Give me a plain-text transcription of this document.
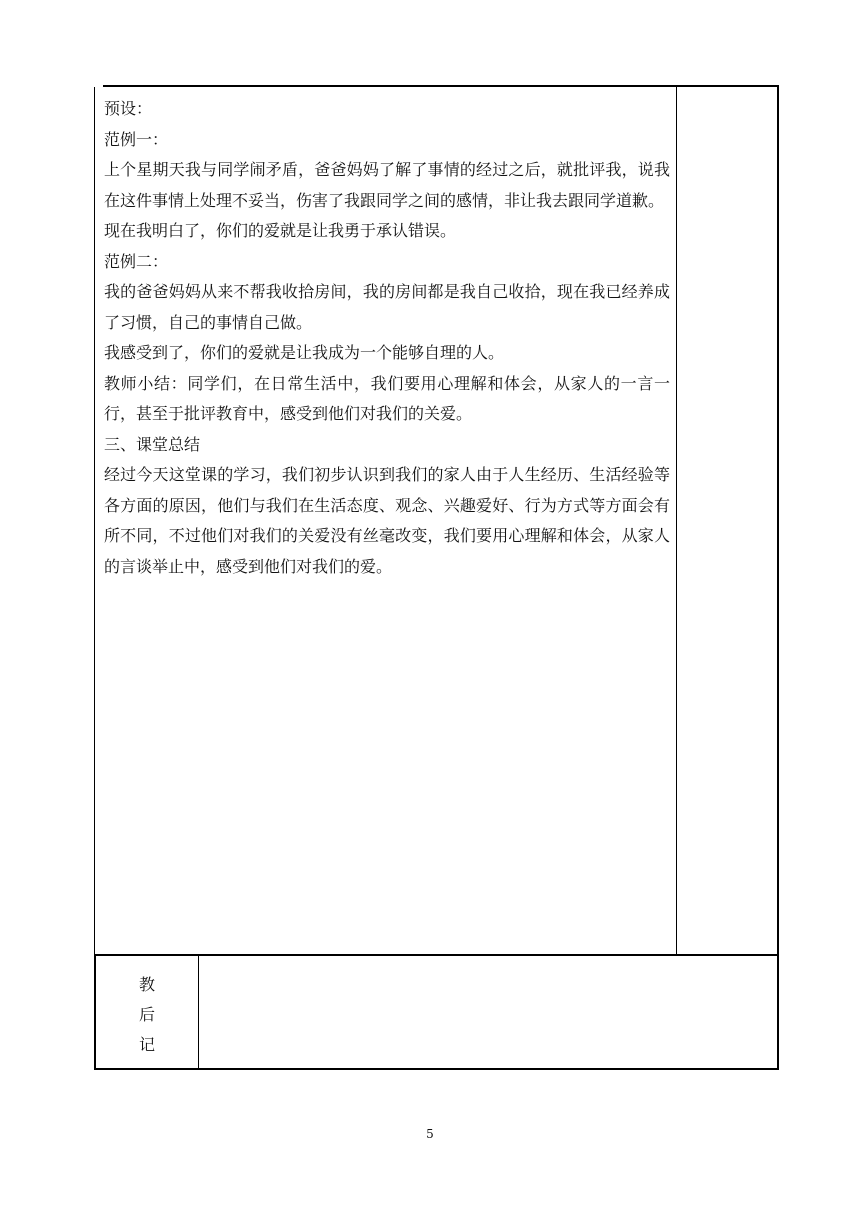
预设：

范例一：

上个星期天我与同学闹矛盾，爸爸妈妈了解了事情的经过之后，就批评我，说我在这件事情上处理不妥当，伤害了我跟同学之间的感情，非让我去跟同学道歉。

现在我明白了，你们的爱就是让我勇于承认错误。

范例二：

我的爸爸妈妈从来不帮我收拾房间，我的房间都是我自己收拾，现在我已经养成了习惯，自己的事情自己做。

我感受到了，你们的爱就是让我成为一个能够自理的人。

教师小结：同学们，在日常生活中，我们要用心理解和体会，从家人的一言一行，甚至于批评教育中，感受到他们对我们的关爱。

三、课堂总结

经过今天这堂课的学习，我们初步认识到我们的家人由于人生经历、生活经验等各方面的原因，他们与我们在生活态度、观念、兴趣爱好、行为方式等方面会有所不同，不过他们对我们的关爱没有丝毫改变，我们要用心理解和体会，从家人的言谈举止中，感受到他们对我们的爱。

教
后
记
5
